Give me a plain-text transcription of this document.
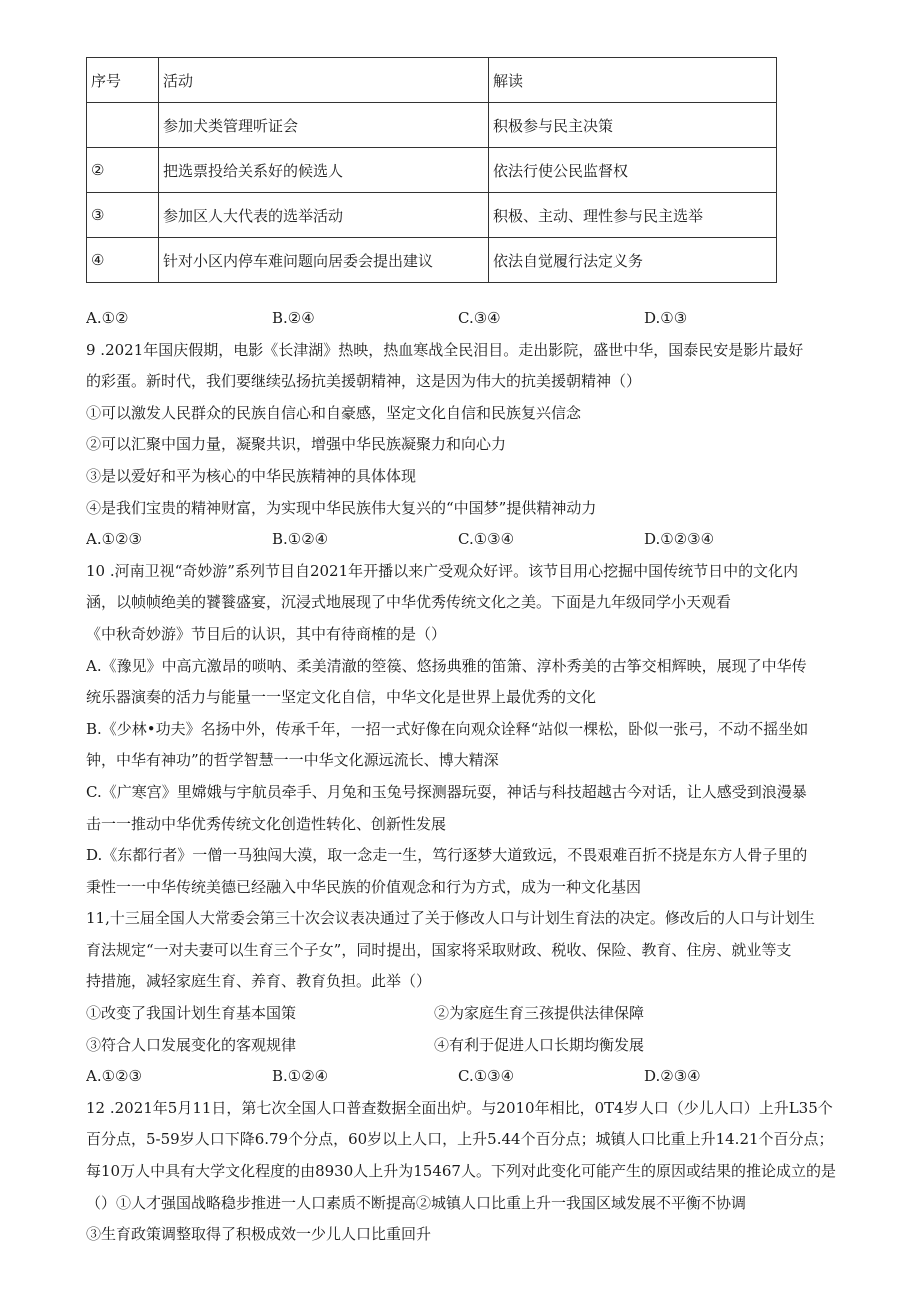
序号	活动	解读
	参加犬类管理听证会	积极参与民主决策
②	把选票投给关系好的候选人	依法行使公民监督权
③	参加区人大代表的选举活动	积极、主动、理性参与民主选举
④	针对小区内停车难问题向居委会提出建议	依法自觉履行法定义务
A.①②	B.②④	C.③④	D.①③
9 .2021年国庆假期，电影《长津湖》热映，热血寒战全民泪目。走出影院，盛世中华，国泰民安是影片最好
的彩蛋。新时代，我们要继续弘扬抗美援朝精神，这是因为伟大的抗美援朝精神（）
①可以激发人民群众的民族自信心和自豪感，坚定文化自信和民族复兴信念
②可以汇聚中国力量，凝聚共识，增强中华民族凝聚力和向心力
③是以爱好和平为核心的中华民族精神的具体体现
④是我们宝贵的精神财富，为实现中华民族伟大复兴的“中国梦”提供精神动力
A.①②③	B.①②④	C.①③④	D.①②③④
10 .河南卫视“奇妙游”系列节目自2021年开播以来广受观众好评。该节目用心挖掘中国传统节日中的文化内
涵，以帧帧绝美的饕餮盛宴，沉浸式地展现了中华优秀传统文化之美。下面是九年级同学小天观看
《中秋奇妙游》节目后的认识，其中有待商榷的是（）
A.《豫见》中高亢激昂的唢呐、柔美清澈的箜篌、悠扬典雅的笛箫、淳朴秀美的古筝交相辉映，展现了中华传
统乐器演奏的活力与能量一一坚定文化自信，中华文化是世界上最优秀的文化
B.《少林•功夫》名扬中外，传承千年，一招一式好像在向观众诠释“站似一棵松，卧似一张弓，不动不摇坐如
钟，中华有神功”的哲学智慧一一中华文化源远流长、博大精深
C.《广寒宫》里嫦娥与宇航员牵手、月兔和玉兔号探测器玩耍，神话与科技超越古今对话，让人感受到浪漫暴
击一一推动中华优秀传统文化创造性转化、创新性发展
D.《东都行者》一僧一马独闯大漠，取一念走一生，笃行逐梦大道致远，不畏艰难百折不挠是东方人骨子里的
秉性一一中华传统美德已经融入中华民族的价值观念和行为方式，成为一种文化基因
11,十三届全国人大常委会第三十次会议表决通过了关于修改人口与计划生育法的决定。修改后的人口与计划生
育法规定“一对夫妻可以生育三个子女”，同时提出，国家将采取财政、税收、保险、教育、住房、就业等支
持措施，减轻家庭生育、养育、教育负担。此举（）
①改变了我国计划生育基本国策	②为家庭生育三孩提供法律保障
③符合人口发展变化的客观规律	④有利于促进人口长期均衡发展
A.①②③	B.①②④	C.①③④	D.②③④
12 .2021年5月11日，第七次全国人口普查数据全面出炉。与2010年相比，0T4岁人口（少儿人口）上升L35个
百分点，5-59岁人口下降6.79个分点，60岁以上人口，上升5.44个百分点；城镇人口比重上升14.21个百分点；
每10万人中具有大学文化程度的由8930人上升为15467人。下列对此变化可能产生的原因或结果的推论成立的是
（）①人才强国战略稳步推进一人口素质不断提高②城镇人口比重上升一我国区域发展不平衡不协调
③生育政策调整取得了积极成效一少儿人口比重回升
